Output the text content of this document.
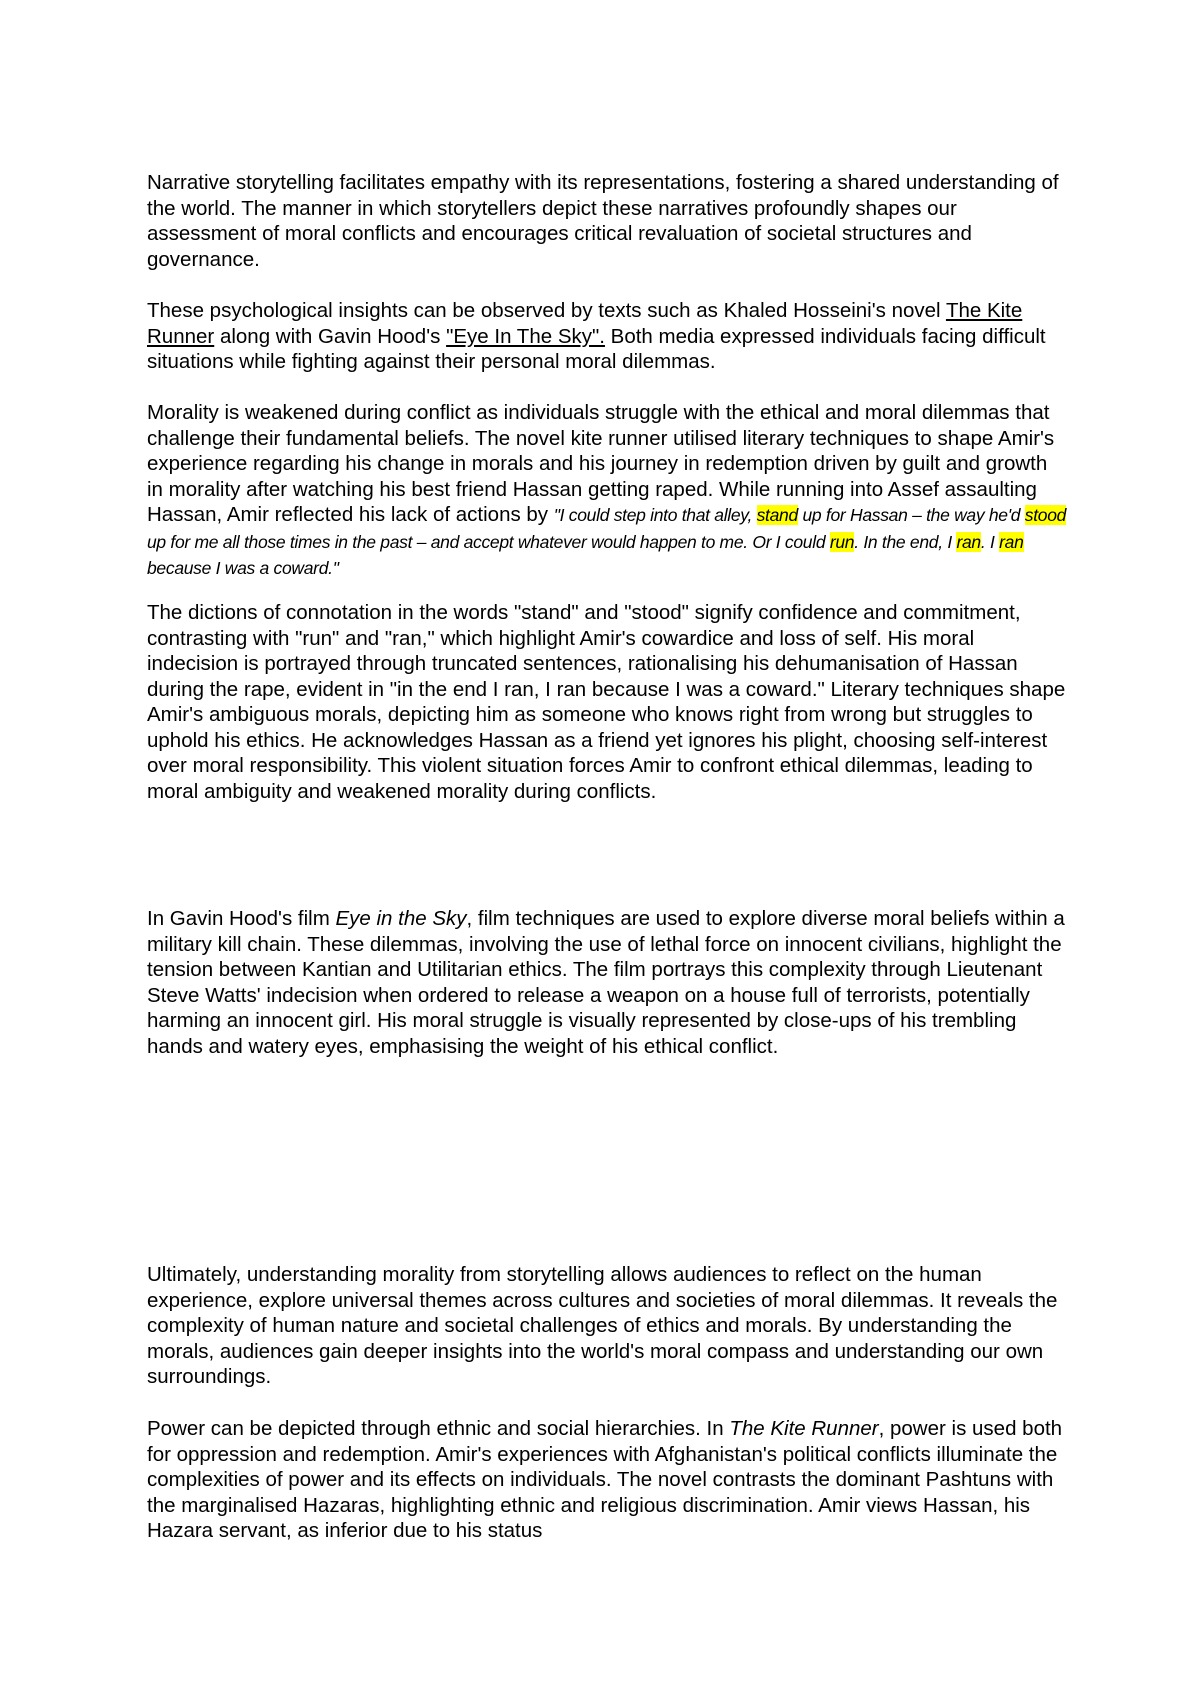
Narrative storytelling facilitates empathy with its representations, fostering a shared understanding of the world. The manner in which storytellers depict these narratives profoundly shapes our assessment of moral conflicts and encourages critical revaluation of societal structures and governance.

These psychological insights can be observed by texts such as Khaled Hosseini's novel The Kite Runner along with Gavin Hood's "Eye In The Sky". Both media expressed individuals facing difficult situations while fighting against their personal moral dilemmas.

Morality is weakened during conflict as individuals struggle with the ethical and moral dilemmas that challenge their fundamental beliefs. The novel kite runner utilised literary techniques to shape Amir's experience regarding his change in morals and his journey in redemption driven by guilt and growth in morality after watching his best friend Hassan getting raped. While running into Assef assaulting Hassan, Amir reflected his lack of actions by "I could step into that alley, stand up for Hassan – the way he'd stood up for me all those times in the past – and accept whatever would happen to me. Or I could run. In the end, I ran. I ran because I was a coward."

The dictions of connotation in the words "stand" and "stood" signify confidence and commitment, contrasting with "run" and "ran," which highlight Amir's cowardice and loss of self. His moral indecision is portrayed through truncated sentences, rationalising his dehumanisation of Hassan during the rape, evident in "in the end I ran, I ran because I was a coward." Literary techniques shape Amir's ambiguous morals, depicting him as someone who knows right from wrong but struggles to uphold his ethics. He acknowledges Hassan as a friend yet ignores his plight, choosing self-interest over moral responsibility. This violent situation forces Amir to confront ethical dilemmas, leading to moral ambiguity and weakened morality during conflicts.

In Gavin Hood's film Eye in the Sky, film techniques are used to explore diverse moral beliefs within a military kill chain. These dilemmas, involving the use of lethal force on innocent civilians, highlight the tension between Kantian and Utilitarian ethics. The film portrays this complexity through Lieutenant Steve Watts' indecision when ordered to release a weapon on a house full of terrorists, potentially harming an innocent girl. His moral struggle is visually represented by close-ups of his trembling hands and watery eyes, emphasising the weight of his ethical conflict.

Ultimately, understanding morality from storytelling allows audiences to reflect on the human experience, explore universal themes across cultures and societies of moral dilemmas. It reveals the complexity of human nature and societal challenges of ethics and morals. By understanding the morals, audiences gain deeper insights into the world's moral compass and understanding our own surroundings.

Power can be depicted through ethnic and social hierarchies. In The Kite Runner, power is used both for oppression and redemption. Amir's experiences with Afghanistan's political conflicts illuminate the complexities of power and its effects on individuals. The novel contrasts the dominant Pashtuns with the marginalised Hazaras, highlighting ethnic and religious discrimination. Amir views Hassan, his Hazara servant, as inferior due to his status
